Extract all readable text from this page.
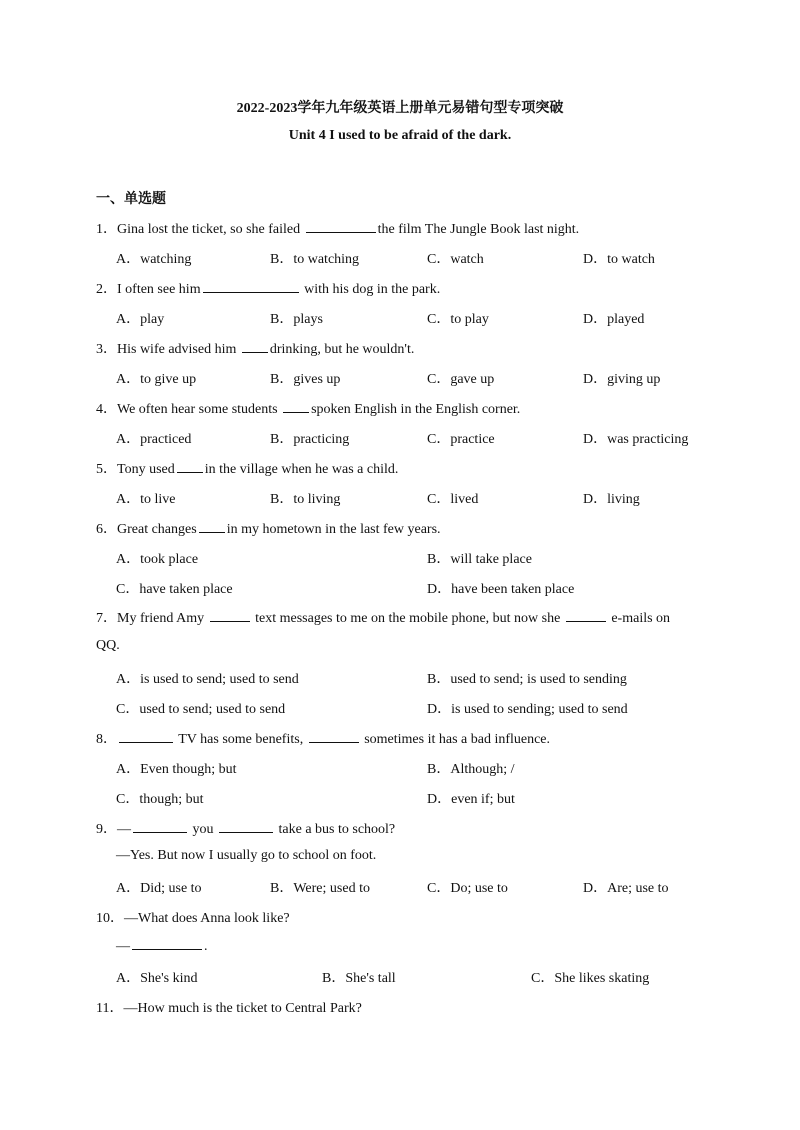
2022-2023学年九年级英语上册单元易错句型专项突破
Unit 4 I used to be afraid of the dark.
一、单选题
1．Gina lost the ticket, so she failed	the film The Jungle Book last night.
A．watching	B．to watching	C．watch	D．to watch
2．I often see him	with his dog in the park.
A．play	B．plays	C．to play	D．played
3．His wife advised him drinking, but he wouldn't.
A．to give up	B．gives up	C．gave up	D．giving up
4．We often hear some students spoken English in the English corner.
A．practiced	B．practicing	C．practice	D．was practicing
5．Tony used in the village when he was a child.
A．to live	B．to living	C．lived	D．living
6．Great changes in my hometown in the last few years.
A．took place	B．will take place
C．have taken place	D．have been taken place
7．My friend Amy	text messages to me on the mobile phone, but now she	e-mails on
QQ.
A．is used to send; used to send	B．used to send; is used to sending
C．used to send; used to send	D．is used to sending; used to send
8．	TV has some benefits,	sometimes it has a bad influence.
A．Even though; but	B．Although; /
C．though; but	D．even if; but
9．—	you	take a bus to school?
—Yes. But now I usually go to school on foot.
A．Did; use to	B．Were; used to	C．Do; use to	D．Are; use to
10．—What does Anna look like?
—	.
A．She's kind	B．She's tall	C．She likes skating
11．—How much is the ticket to Central Park?
